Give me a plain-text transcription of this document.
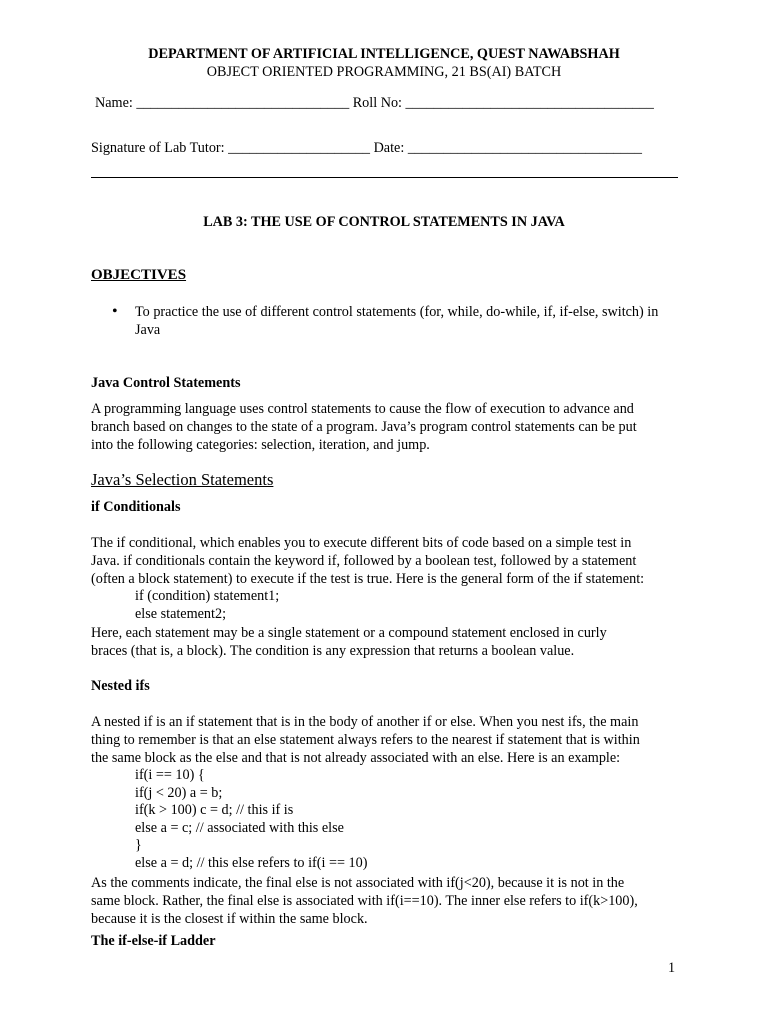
DEPARTMENT OF ARTIFICIAL INTELLIGENCE, QUEST NAWABSHAH
OBJECT ORIENTED PROGRAMMING, 21 BS(AI) BATCH
Name: ______________________________ Roll No: ___________________________________
Signature of Lab Tutor: ____________________ Date: _________________________________
LAB 3: THE USE OF CONTROL STATEMENTS IN JAVA
OBJECTIVES
• To practice the use of different control statements (for, while, do-while, if, if-else, switch) in Java
Java Control Statements
A programming language uses control statements to cause the flow of execution to advance and
branch based on changes to the state of a program. Java’s program control statements can be put
into the following categories: selection, iteration, and jump.
Java’s Selection Statements
if Conditionals
The if conditional, which enables you to execute different bits of code based on a simple test in
Java. if conditionals contain the keyword if, followed by a boolean test, followed by a statement
(often a block statement) to execute if the test is true. Here is the general form of the if statement:
if (condition) statement1;
else statement2;
Here, each statement may be a single statement or a compound statement enclosed in curly
braces (that is, a block). The condition is any expression that returns a boolean value.
Nested ifs
A nested if is an if statement that is in the body of another if or else. When you nest ifs, the main
thing to remember is that an else statement always refers to the nearest if statement that is within
the same block as the else and that is not already associated with an else. Here is an example:
if(i == 10) {
if(j < 20) a = b;
if(k > 100) c = d; // this if is
else a = c; // associated with this else
}
else a = d; // this else refers to if(i == 10)
As the comments indicate, the final else is not associated with if(j<20), because it is not in the
same block. Rather, the final else is associated with if(i==10). The inner else refers to if(k>100),
because it is the closest if within the same block.
The if-else-if Ladder
1
